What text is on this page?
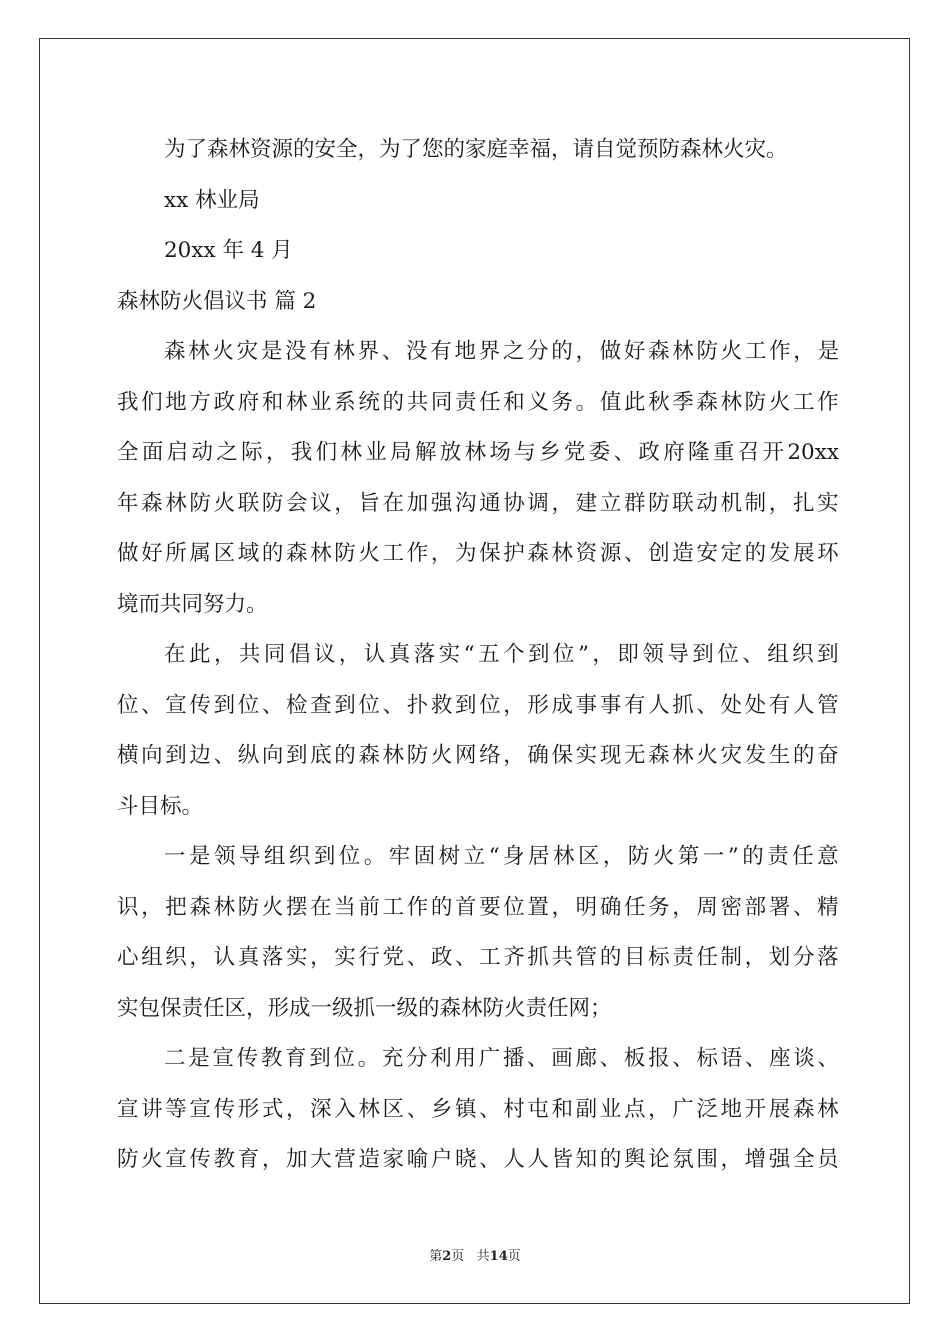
为了森林资源的安全，为了您的家庭幸福，请自觉预防森林火灾。
xx 林业局
20xx 年 4 月
森林防火倡议书 篇 2
森 林 火 灾 是 没 有 林 界 、 没 有 地 界 之 分 的 ， 做 好 森 林 防 火 工 作 ， 是
我 们 地 方 政 府 和 林 业 系 统 的 共 同 责 任 和 义 务 。 值 此 秋 季 森 林 防 火 工 作
全 面 启 动 之 际 ， 我 们 林 业 局 解 放 林 场 与 乡 党 委 、 政 府 隆 重 召 开 20xx
年 森 林 防 火 联 防 会 议 ， 旨 在 加 强 沟 通 协 调 ， 建 立 群 防 联 动 机 制 ， 扎 实
做 好 所 属 区 域 的 森 林 防 火 工 作 ， 为 保 护 森 林 资 源 、 创 造 安 定 的 发 展 环
境而共同努力。
在 此 ， 共 同 倡 议 ， 认 真 落 实 “ 五 个 到 位 ” ， 即 领 导 到 位 、 组 织 到
位 、 宣 传 到 位 、 检 查 到 位 、 扑 救 到 位 ， 形 成 事 事 有 人 抓 、 处 处 有 人 管
横 向 到 边 、 纵 向 到 底 的 森 林 防 火 网 络 ， 确 保 实 现 无 森 林 火 灾 发 生 的 奋
斗目标。
一 是 领 导 组 织 到 位 。 牢 固 树 立 “ 身 居 林 区 ， 防 火 第 一 ” 的 责 任 意
识 ， 把 森 林 防 火 摆 在 当 前 工 作 的 首 要 位 置 ， 明 确 任 务 ， 周 密 部 署 、 精
心 组 织 ， 认 真 落 实 ， 实 行 党 、 政 、 工 齐 抓 共 管 的 目 标 责 任 制 ， 划 分 落
实包保责任区，形成一级抓一级的森林防火责任网；
二 是 宣 传 教 育 到 位 。 充 分 利 用 广 播 、 画 廊 、 板 报 、 标 语 、 座 谈 、
宣 讲 等 宣 传 形 式 ， 深 入 林 区 、 乡 镇 、 村 屯 和 副 业 点 ， 广 泛 地 开 展 森 林
防 火 宣 传 教 育 ， 加 大 营 造 家 喻 户 晓 、 人 人 皆 知 的 舆 论 氛 围 ， 增 强 全 员
第2页   共14页
